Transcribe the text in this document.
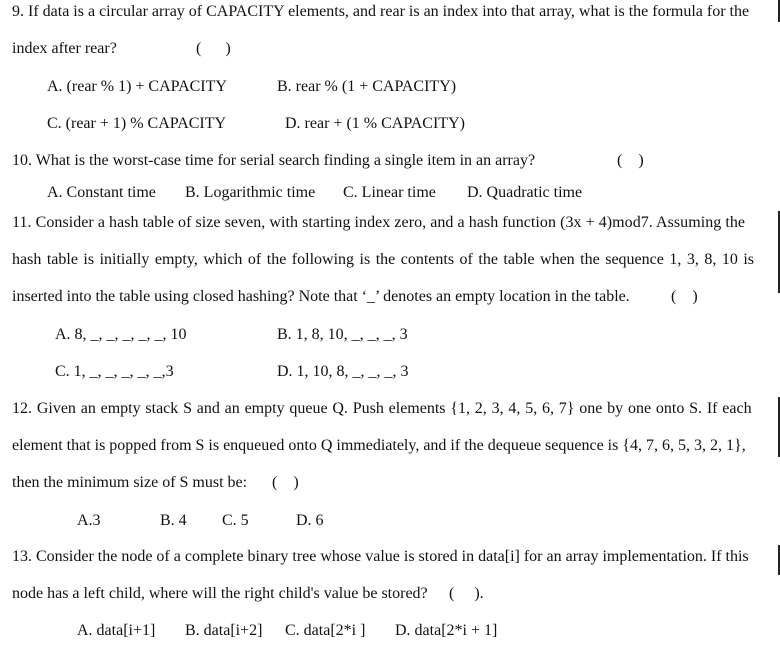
9. If data is a circular array of CAPACITY elements, and rear is an index into that array, what is the formula for the
index after rear?	(      )
A. (rear % 1) + CAPACITY	B. rear % (1 + CAPACITY)
C. (rear + 1) % CAPACITY	D. rear + (1 % CAPACITY)
10. What is the worst-case time for serial search finding a single item in an array?	(    )
A. Constant time B. Logarithmic time C. Linear time D. Quadratic time
11. Consider a hash table of size seven, with starting index zero, and a hash function (3x + 4)mod7. Assuming the
hash table is initially empty, which of the following is the contents of the table when the sequence 1, 3, 8, 10 is
inserted into the table using closed hashing? Note that ‘_’ denotes an empty location in the table.	(    )
A. 8, _, _, _, _, _, 10	B. 1, 8, 10, _, _, _, 3
C. 1, _, _, _, _, _,3	D. 1, 10, 8, _, _, _, 3
12. Given an empty stack S and an empty queue Q. Push elements {1, 2, 3, 4, 5, 6, 7} one by one onto S. If each
element that is popped from S is enqueued onto Q immediately, and if the dequeue sequence is {4, 7, 6, 5, 3, 2, 1},
then the minimum size of S must be: (    )
A.3	B. 4 C. 5	D. 6
13. Consider the node of a complete binary tree whose value is stored in data[i] for an array implementation. If this
node has a left child, where will the right child's value be stored? (     ).
A. data[i+1] B. data[i+2] C. data[2*i ] D. data[2*i + 1]
